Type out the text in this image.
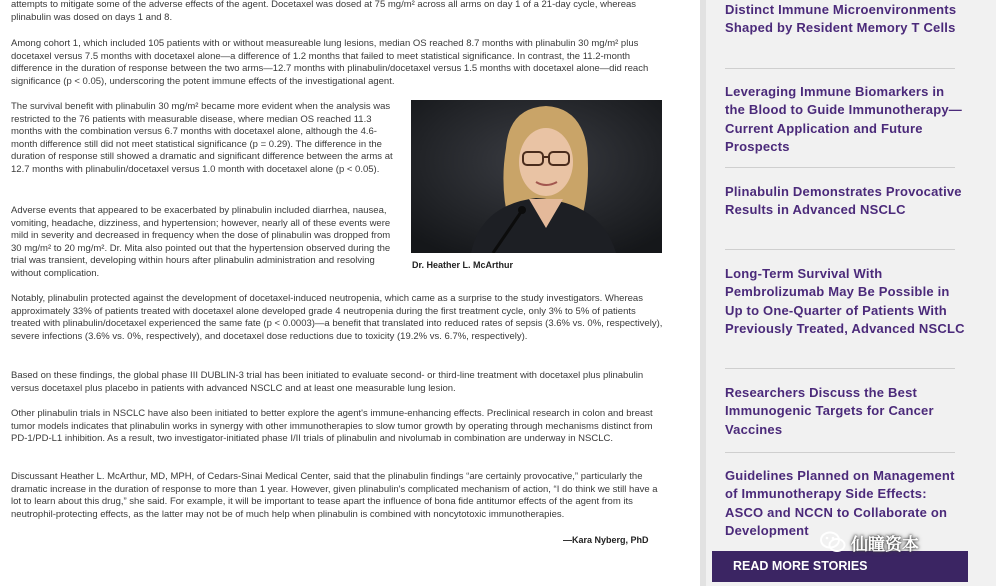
attempts to mitigate some of the adverse effects of the agent. Docetaxel was dosed at 75 mg/m² across all arms on day 1 of a 21-day cycle, whereas plinabulin was dosed on days 1 and 8.

Among cohort 1, which included 105 patients with or without measureable lung lesions, median OS reached 8.7 months with plinabulin 30 mg/m² plus docetaxel versus 7.5 months with docetaxel alone—a difference of 1.2 months that failed to meet statistical significance. In contrast, the 11.2-month difference in the duration of response between the two arms—12.7 months with plinabulin/docetaxel versus 1.5 months with docetaxel alone—did reach significance (p < 0.05), underscoring the potent immune effects of the investigational agent.

The survival benefit with plinabulin 30 mg/m² became more evident when the analysis was restricted to the 76 patients with measurable disease, where median OS reached 11.3 months with the combination versus 6.7 months with docetaxel alone, although the 4.6-month difference still did not meet statistical significance (p = 0.29). The difference in the duration of response still showed a dramatic and significant difference between the arms at 12.7 months with plinabulin/docetaxel versus 1.0 month with docetaxel alone (p < 0.05).

Dr. Heather L. McArthur

Adverse events that appeared to be exacerbated by plinabulin included diarrhea, nausea, vomiting, headache, dizziness, and hypertension; however, nearly all of these events were mild in severity and decreased in frequency when the dose of plinabulin was dropped from 30 mg/m² to 20 mg/m². Dr. Mita also pointed out that the hypertension observed during the trial was transient, developing within hours after plinabulin administration and resolving without complication.

Notably, plinabulin protected against the development of docetaxel-induced neutropenia, which came as a surprise to the study investigators. Whereas approximately 33% of patients treated with docetaxel alone developed grade 4 neutropenia during the first treatment cycle, only 3% to 5% of patients treated with plinabulin/docetaxel experienced the same fate (p < 0.0003)—a benefit that translated into reduced rates of sepsis (3.6% vs. 0%, respectively), severe infections (3.6% vs. 0%, respectively), and docetaxel dose reductions due to toxicity (19.2% vs. 6.7%, respectively).

Based on these findings, the global phase III DUBLIN-3 trial has been initiated to evaluate second- or third-line treatment with docetaxel plus plinabulin versus docetaxel plus placebo in patients with advanced NSCLC and at least one measurable lung lesion.

Other plinabulin trials in NSCLC have also been initiated to better explore the agent's immune-enhancing effects. Preclinical research in colon and breast tumor models indicates that plinabulin works in synergy with other immunotherapies to slow tumor growth by operating through mechanisms distinct from PD-1/PD-L1 inhibition. As a result, two investigator-initiated phase I/II trials of plinabulin and nivolumab in combination are underway in NSCLC.

Discussant Heather L. McArthur, MD, MPH, of Cedars-Sinai Medical Center, said that the plinabulin findings “are certainly provocative,” particularly the dramatic increase in the duration of response to more than 1 year. However, given plinabulin's complicated mechanism of action, “I do think we still have a lot to learn about this drug,” she said. For example, it will be important to tease apart the influence of bona fide antitumor effects of the agent from its neutrophil-protecting effects, as the latter may not be of much help when plinabulin is combined with noncytotoxic immunotherapies.

—Kara Nyberg, PhD
Distinct Immune Microenvironments Shaped by Resident Memory T Cells
Leveraging Immune Biomarkers in the Blood to Guide Immunotherapy—Current Application and Future Prospects
Plinabulin Demonstrates Provocative Results in Advanced NSCLC
Long-Term Survival With Pembrolizumab May Be Possible in Up to One-Quarter of Patients With Previously Treated, Advanced NSCLC
Researchers Discuss the Best Immunogenic Targets for Cancer Vaccines
Guidelines Planned on Management of Immunotherapy Side Effects: ASCO and NCCN to Collaborate on Development
READ MORE STORIES
仙瞳资本
